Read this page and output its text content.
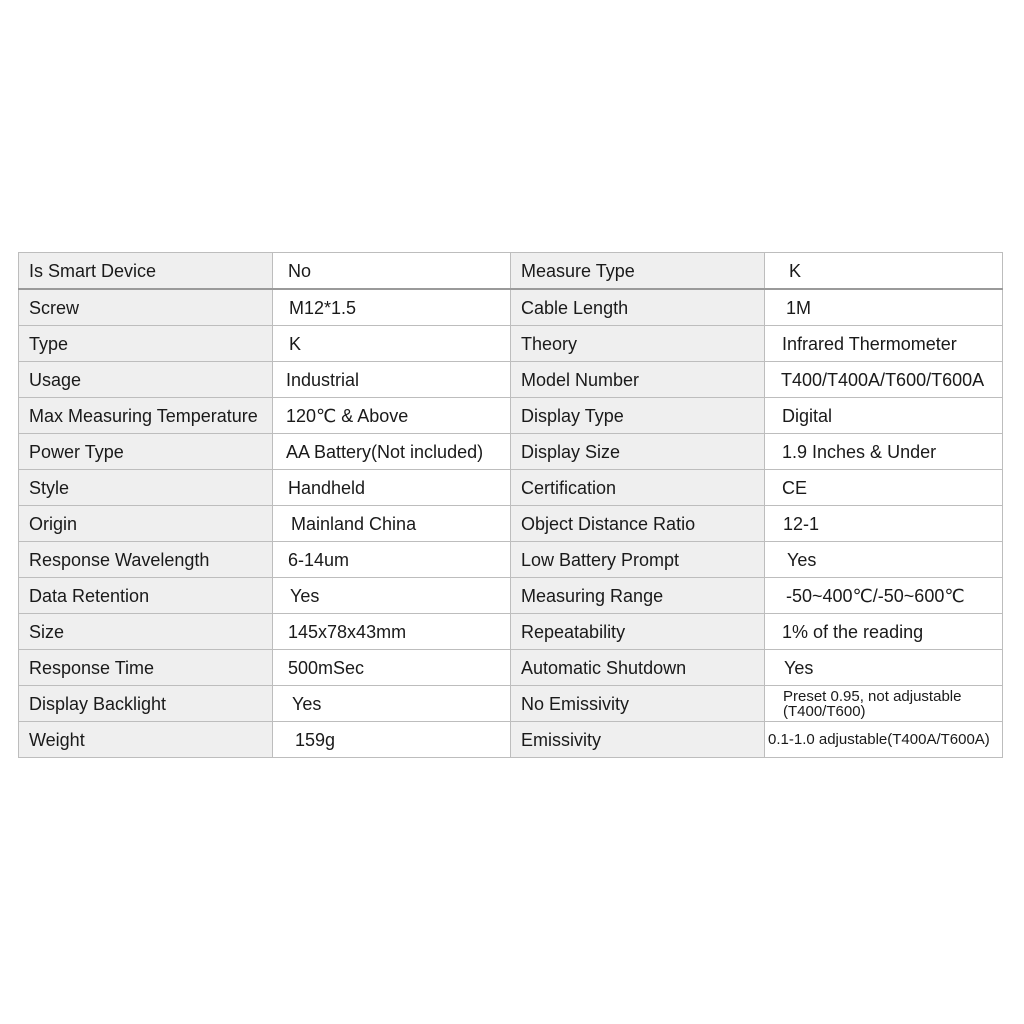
Is Smart Device	No	Measure Type	K
Screw	M12*1.5	Cable Length	1M
Type	K	Theory	Infrared Thermometer
Usage	Industrial	Model Number	T400/T400A/T600/T600A
Max Measuring Temperature	120℃ & Above	Display Type	Digital
Power Type	AA Battery(Not included)	Display Size	1.9 Inches & Under
Style	Handheld	Certification	CE
Origin	Mainland China	Object Distance Ratio	12-1
Response Wavelength	6-14um	Low Battery Prompt	Yes
Data Retention	Yes	Measuring Range	-50~400℃/-50~600℃
Size	145x78x43mm	Repeatability	1% of the reading
Response Time	500mSec	Automatic Shutdown	Yes
Display Backlight	Yes	No Emissivity	Preset 0.95, not adjustable (T400/T600)
Weight	159g	Emissivity	0.1-1.0 adjustable(T400A/T600A)
